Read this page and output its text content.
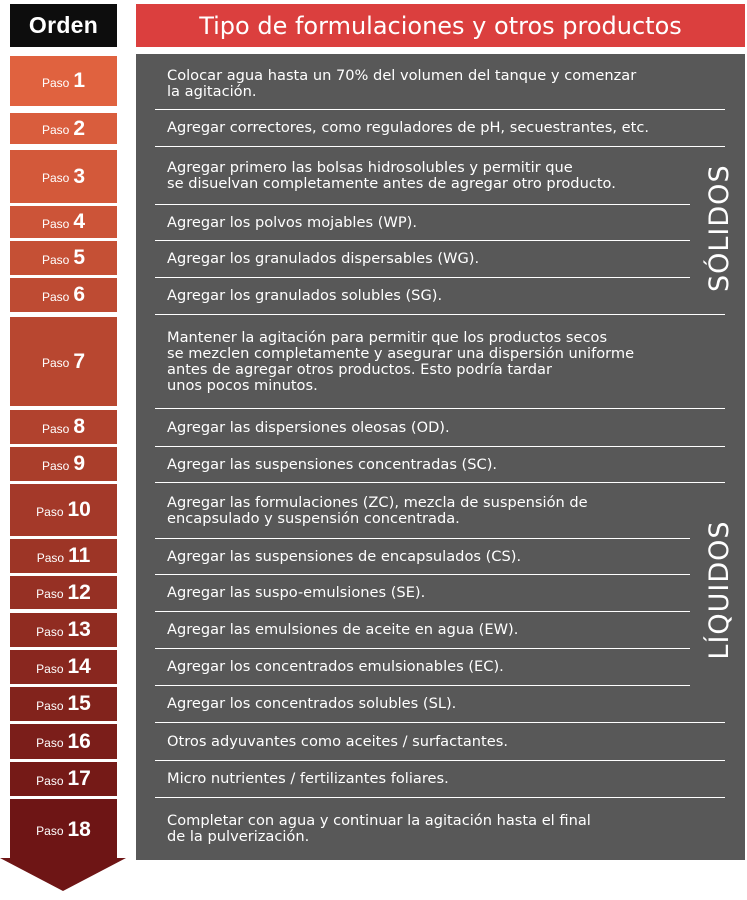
Orden	Tipo de formulaciones y otros productos
Paso 1	Colocar agua hasta un 70% del volumen del tanque y comenzar
la agitación.
Paso 2	Agregar correctores, como reguladores de pH, secuestrantes, etc.
Paso 3	Agregar primero las bolsas hidrosolubles y permitir que
se disuelvan completamente antes de agregar otro producto.
Paso 4	Agregar los polvos mojables (WP).
Paso 5	Agregar los granulados dispersables (WG).
Paso 6	Agregar los granulados solubles (SG).
Paso 7
Mantener la agitación para permitir que los productos secos
se mezclen completamente y asegurar una dispersión uniforme
antes de agregar otros productos. Esto podría tardar
unos pocos minutos.
Paso 8	Agregar las dispersiones oleosas (OD).
Paso 9	Agregar las suspensiones concentradas (SC).
Paso 10	Agregar las formulaciones (ZC), mezcla de suspensión de
encapsulado y suspensión concentrada.
Paso 11	Agregar las suspensiones de encapsulados (CS).
Paso 12	Agregar las suspo-emulsiones (SE).
Paso 13	Agregar las emulsiones de aceite en agua (EW).
Paso 14	Agregar los concentrados emulsionables (EC).
Paso 15	Agregar los concentrados solubles (SL).
Paso 16	Otros adyuvantes como aceites / surfactantes.
Paso 17	Micro nutrientes / fertilizantes foliares.
Paso 18	Completar con agua y continuar la agitación hasta el final
de la pulverización.
SÓLIDOS
LÍQUIDOS
